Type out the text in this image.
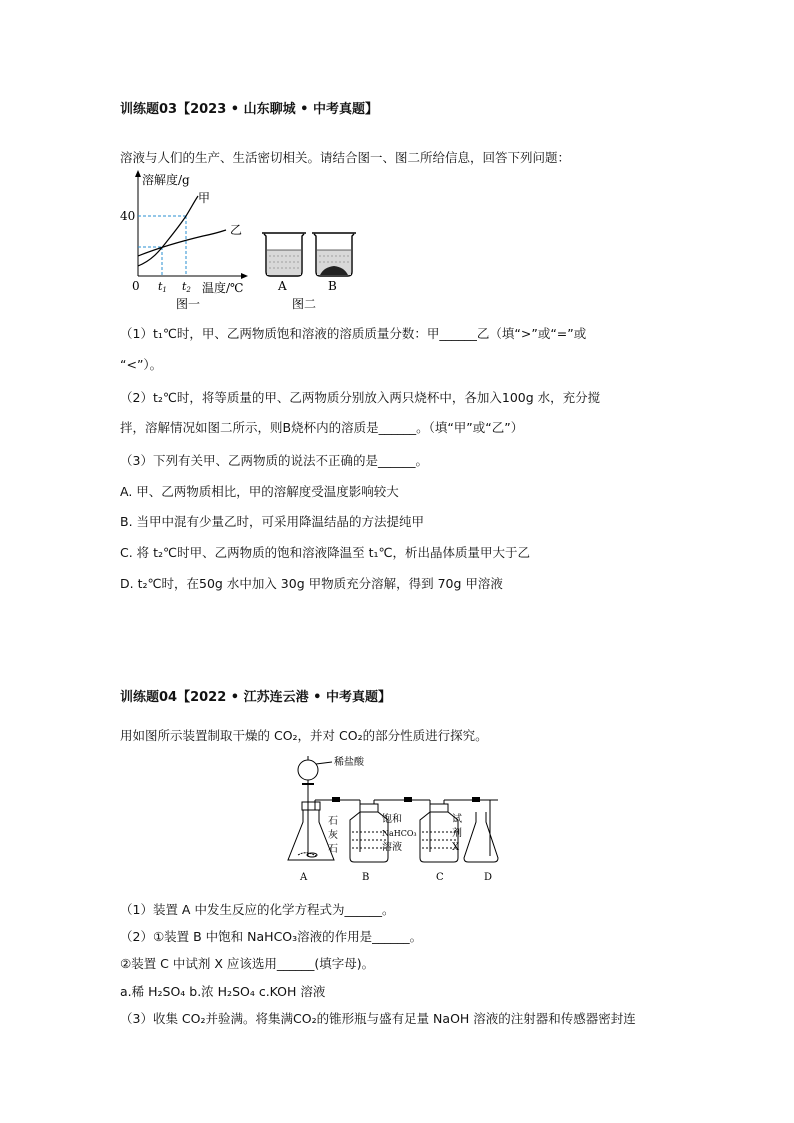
训练题03【2023 • 山东聊城 • 中考真题】
溶液与人们的生产、生活密切相关。请结合图一、图二所给信息，回答下列问题：
溶解度/g
40
0 t1 t2 温度/℃
甲
乙
图一
A	B
图二
（1）t₁℃时，甲、乙两物质饱和溶液的溶质质量分数：甲______乙（填“>”或“=”或
“<”）。
（2）t₂℃时，将等质量的甲、乙两物质分别放入两只烧杯中，各加入100g 水，充分搅
拌，溶解情况如图二所示，则B烧杯内的溶质是______。（填“甲”或“乙”）
（3）下列有关甲、乙两物质的说法不正确的是______。
A. 甲、乙两物质相比，甲的溶解度受温度影响较大
B. 当甲中混有少量乙时，可采用降温结晶的方法提纯甲
C. 将 t₂℃时甲、乙两物质的饱和溶液降温至 t₁℃，析出晶体质量甲大于乙
D. t₂℃时，在50g 水中加入 30g 甲物质充分溶解，得到 70g 甲溶液
训练题04【2022 • 江苏连云港 • 中考真题】
用如图所示装置制取干燥的 CO₂，并对 CO₂的部分性质进行探究。
稀盐酸
石
灰
石
饱和
NaHCO₃
溶液
试
剂
X
A	B	C	D
（1）装置 A 中发生反应的化学方程式为______。
（2）①装置 B 中饱和 NaHCO₃溶液的作用是______。
②装置 C 中试剂 X 应该选用______(填字母)。
a.稀 H₂SO₄ b.浓 H₂SO₄ c.KOH 溶液
（3）收集 CO₂并验满。将集满CO₂的锥形瓶与盛有足量 NaOH 溶液的注射器和传感器密封连
